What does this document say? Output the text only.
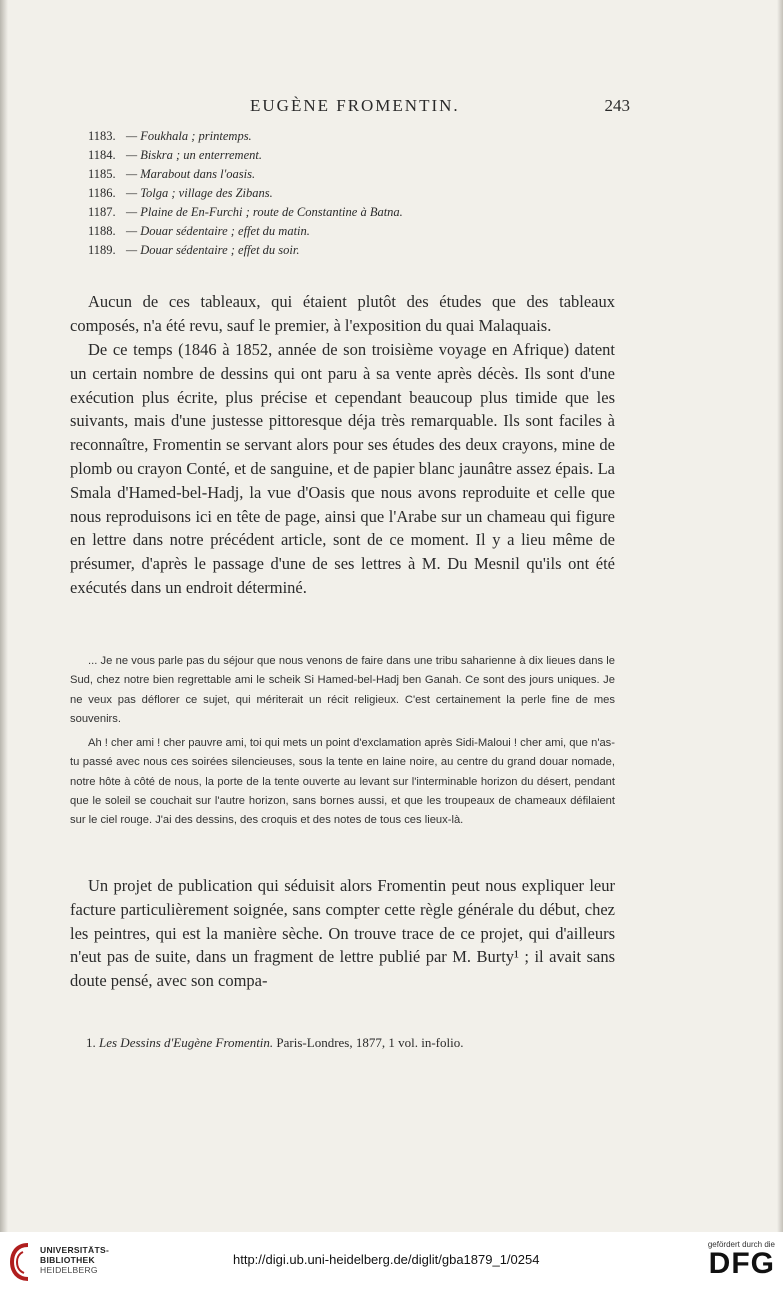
EUGÈNE FROMENTIN.	243
1183. — Foukhala ; printemps.
1184. — Biskra ; un enterrement.
1185. — Marabout dans l'oasis.
1186. — Tolga ; village des Zibans.
1187. — Plaine de En-Furchi ; route de Constantine à Batna.
1188. — Douar sédentaire ; effet du matin.
1189. — Douar sédentaire ; effet du soir.

Aucun de ces tableaux, qui étaient plutôt des études que des tableaux composés, n'a été revu, sauf le premier, à l'exposition du quai Malaquais.

De ce temps (1846 à 1852, année de son troisième voyage en Afrique) datent un certain nombre de dessins qui ont paru à sa vente après décès. Ils sont d'une exécution plus écrite, plus précise et cependant beaucoup plus timide que les suivants, mais d'une justesse pittoresque déja très remarquable. Ils sont faciles à reconnaître, Fromentin se servant alors pour ses études des deux crayons, mine de plomb ou crayon Conté, et de sanguine, et de papier blanc jaunâtre assez épais. La Smala d'Hamed-bel-Hadj, la vue d'Oasis que nous avons reproduite et celle que nous reproduisons ici en tête de page, ainsi que l'Arabe sur un chameau qui figure en lettre dans notre précédent article, sont de ce moment. Il y a lieu même de présumer, d'après le passage d'une de ses lettres à M. Du Mesnil qu'ils ont été exécutés dans un endroit déterminé.

... Je ne vous parle pas du séjour que nous venons de faire dans une tribu saharienne à dix lieues dans le Sud, chez notre bien regrettable ami le scheik Si Hamed-bel-Hadj ben Ganah. Ce sont des jours uniques. Je ne veux pas déflorer ce sujet, qui mériterait un récit religieux. C'est certainement la perle fine de mes souvenirs.

Ah ! cher ami ! cher pauvre ami, toi qui mets un point d'exclamation après Sidi-Maloui ! cher ami, que n'as-tu passé avec nous ces soirées silencieuses, sous la tente en laine noire, au centre du grand douar nomade, notre hôte à côté de nous, la porte de la tente ouverte au levant sur l'interminable horizon du désert, pendant que le soleil se couchait sur l'autre horizon, sans bornes aussi, et que les troupeaux de chameaux défilaient sur le ciel rouge. J'ai des dessins, des croquis et des notes de tous ces lieux-là.

Un projet de publication qui séduisit alors Fromentin peut nous expliquer leur facture particulièrement soignée, sans compter cette règle générale du début, chez les peintres, qui est la manière sèche. On trouve trace de ce projet, qui d'ailleurs n'eut pas de suite, dans un fragment de lettre publié par M. Burty¹ ; il avait sans doute pensé, avec son compa-

1. Les Dessins d'Eugène Fromentin. Paris-Londres, 1877, 1 vol. in-folio.
UNIVERSITÄTS-
BIBLIOTHEK
HEIDELBERG
http://digi.ub.uni-heidelberg.de/diglit/gba1879_1/0254
gefördert durch die
DFG
